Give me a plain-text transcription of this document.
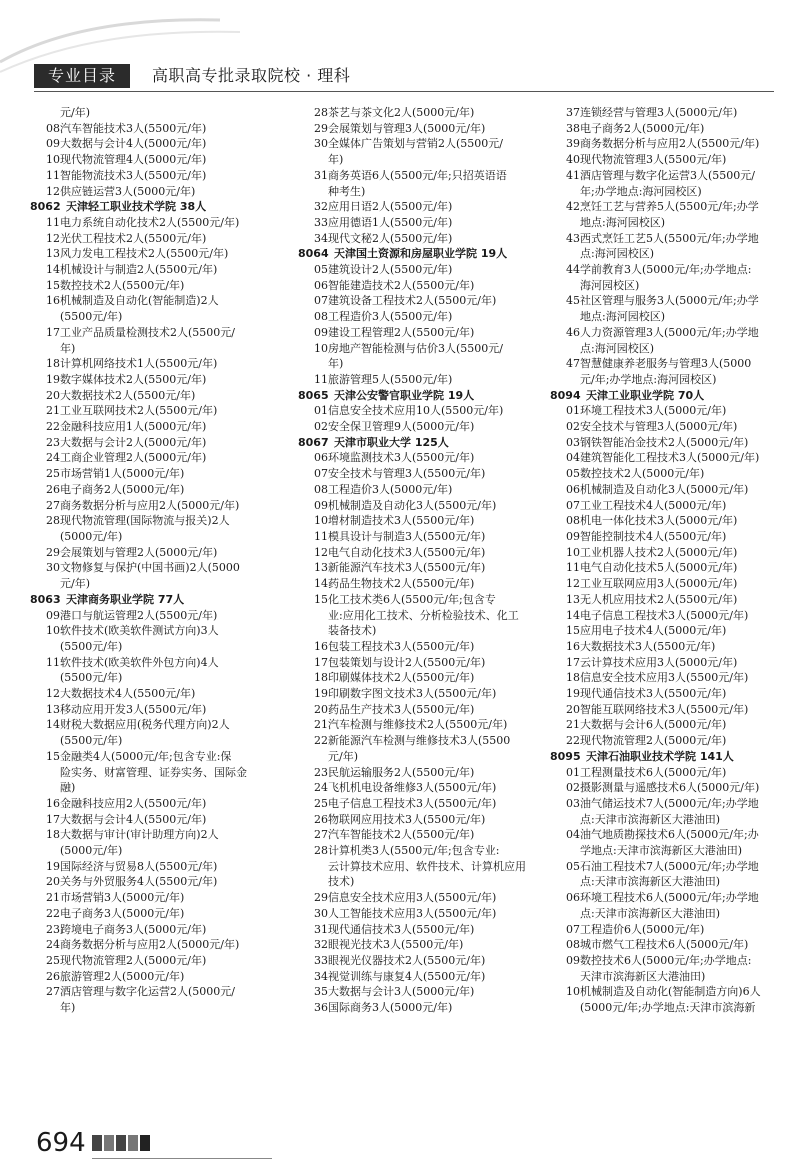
专业目录	高职高专批录取院校 · 理科
元/年)
08 汽车智能技术3人(5500元/年)
09 大数据与会计4人(5000元/年)
10 现代物流管理4人(5000元/年)
11 智能物流技术3人(5500元/年)
12 供应链运营3人(5000元/年)
8062 天津轻工职业技术学院 38人
11 电力系统自动化技术2人(5500元/年)
12 光伏工程技术2人(5500元/年)
13 风力发电工程技术2人(5500元/年)
14 机械设计与制造2人(5500元/年)
15 数控技术2人(5500元/年)
16 机械制造及自动化(智能制造)2人
(5500元/年)
17 工业产品质量检测技术2人(5500元/
年)
18 计算机网络技术1人(5500元/年)
19 数字媒体技术2人(5500元/年)
20 大数据技术2人(5500元/年)
21 工业互联网技术2人(5500元/年)
22 金融科技应用1人(5000元/年)
23 大数据与会计2人(5000元/年)
24 工商企业管理2人(5000元/年)
25 市场营销1人(5000元/年)
26 电子商务2人(5000元/年)
27 商务数据分析与应用2人(5000元/年)
28 现代物流管理(国际物流与报关)2人
(5000元/年)
29 会展策划与管理2人(5000元/年)
30 文物修复与保护(中国书画)2人(5000
元/年)
8063 天津商务职业学院 77人
09 港口与航运管理2人(5500元/年)
10 软件技术(欧美软件测试方向)3人
(5500元/年)
11 软件技术(欧美软件外包方向)4人
(5500元/年)
12 大数据技术4人(5500元/年)
13 移动应用开发3人(5500元/年)
14 财税大数据应用(税务代理方向)2人
(5500元/年)
15 金融类4人(5000元/年;包含专业:保
险实务、财富管理、证券实务、国际金
融)
16 金融科技应用2人(5500元/年)
17 大数据与会计4人(5500元/年)
18 大数据与审计(审计助理方向)2人
(5000元/年)
19 国际经济与贸易8人(5500元/年)
20 关务与外贸服务4人(5500元/年)
21 市场营销3人(5000元/年)
22 电子商务3人(5000元/年)
23 跨境电子商务3人(5000元/年)
24 商务数据分析与应用2人(5000元/年)
25 现代物流管理2人(5000元/年)
26 旅游管理2人(5000元/年)
27 酒店管理与数字化运营2人(5000元/
年)
28 茶艺与茶文化2人(5000元/年)
29 会展策划与管理3人(5000元/年)
30 全媒体广告策划与营销2人(5500元/
年)
31 商务英语6人(5500元/年;只招英语语
种考生)
32 应用日语2人(5500元/年)
33 应用德语1人(5500元/年)
34 现代文秘2人(5500元/年)
8064 天津国土资源和房屋职业学院 19人
05 建筑设计2人(5500元/年)
06 智能建造技术2人(5500元/年)
07 建筑设备工程技术2人(5500元/年)
08 工程造价3人(5500元/年)
09 建设工程管理2人(5500元/年)
10 房地产智能检测与估价3人(5500元/
年)
11 旅游管理5人(5500元/年)
8065 天津公安警官职业学院 19人
01 信息安全技术应用10人(5500元/年)
02 安全保卫管理9人(5000元/年)
8067 天津市职业大学 125人
06 环境监测技术3人(5500元/年)
07 安全技术与管理3人(5500元/年)
08 工程造价3人(5000元/年)
09 机械制造及自动化3人(5500元/年)
10 增材制造技术3人(5500元/年)
11 模具设计与制造3人(5500元/年)
12 电气自动化技术3人(5500元/年)
13 新能源汽车技术3人(5500元/年)
14 药品生物技术2人(5500元/年)
15 化工技术类6人(5500元/年;包含专
业:应用化工技术、分析检验技术、化工
装备技术)
16 包装工程技术3人(5500元/年)
17 包装策划与设计2人(5500元/年)
18 印刷媒体技术2人(5500元/年)
19 印刷数字图文技术3人(5500元/年)
20 药品生产技术3人(5500元/年)
21 汽车检测与维修技术2人(5500元/年)
22 新能源汽车检测与维修技术3人(5500
元/年)
23 民航运输服务2人(5500元/年)
24 飞机机电设备维修3人(5500元/年)
25 电子信息工程技术3人(5500元/年)
26 物联网应用技术3人(5500元/年)
27 汽车智能技术2人(5500元/年)
28 计算机类3人(5500元/年;包含专业:
云计算技术应用、软件技术、计算机应用
技术)
29 信息安全技术应用3人(5500元/年)
30 人工智能技术应用3人(5500元/年)
31 现代通信技术3人(5500元/年)
32 眼视光技术3人(5500元/年)
33 眼视光仪器技术2人(5500元/年)
34 视觉训练与康复4人(5500元/年)
35 大数据与会计3人(5000元/年)
36 国际商务3人(5000元/年)
37 连锁经营与管理3人(5000元/年)
38 电子商务2人(5000元/年)
39 商务数据分析与应用2人(5500元/年)
40 现代物流管理3人(5500元/年)
41 酒店管理与数字化运营3人(5500元/
年;办学地点:海河园校区)
42 烹饪工艺与营养5人(5500元/年;办学
地点:海河园校区)
43 西式烹饪工艺5人(5500元/年;办学地
点:海河园校区)
44 学前教育3人(5000元/年;办学地点:
海河园校区)
45 社区管理与服务3人(5000元/年;办学
地点:海河园校区)
46 人力资源管理3人(5000元/年;办学地
点:海河园校区)
47 智慧健康养老服务与管理3人(5000
元/年;办学地点:海河园校区)
8094 天津工业职业学院 70人
01 环境工程技术3人(5000元/年)
02 安全技术与管理3人(5000元/年)
03 钢铁智能冶金技术2人(5000元/年)
04 建筑智能化工程技术3人(5000元/年)
05 数控技术2人(5000元/年)
06 机械制造及自动化3人(5000元/年)
07 工业工程技术4人(5000元/年)
08 机电一体化技术3人(5000元/年)
09 智能控制技术4人(5500元/年)
10 工业机器人技术2人(5000元/年)
11 电气自动化技术5人(5000元/年)
12 工业互联网应用3人(5000元/年)
13 无人机应用技术2人(5500元/年)
14 电子信息工程技术3人(5000元/年)
15 应用电子技术4人(5000元/年)
16 大数据技术3人(5500元/年)
17 云计算技术应用3人(5000元/年)
18 信息安全技术应用3人(5500元/年)
19 现代通信技术3人(5500元/年)
20 智能互联网络技术3人(5500元/年)
21 大数据与会计6人(5000元/年)
22 现代物流管理2人(5000元/年)
8095 天津石油职业技术学院 141人
01 工程测量技术6人(5000元/年)
02 摄影测量与遥感技术6人(5000元/年)
03 油气储运技术7人(5000元/年;办学地
点:天津市滨海新区大港油田)
04 油气地质勘探技术6人(5000元/年;办
学地点:天津市滨海新区大港油田)
05 石油工程技术7人(5000元/年;办学地
点:天津市滨海新区大港油田)
06 环境工程技术6人(5000元/年;办学地
点:天津市滨海新区大港油田)
07 工程造价6人(5000元/年)
08 城市燃气工程技术6人(5000元/年)
09 数控技术6人(5000元/年;办学地点:
天津市滨海新区大港油田)
10 机械制造及自动化(智能制造方向)6人
(5000元/年;办学地点:天津市滨海新
694
